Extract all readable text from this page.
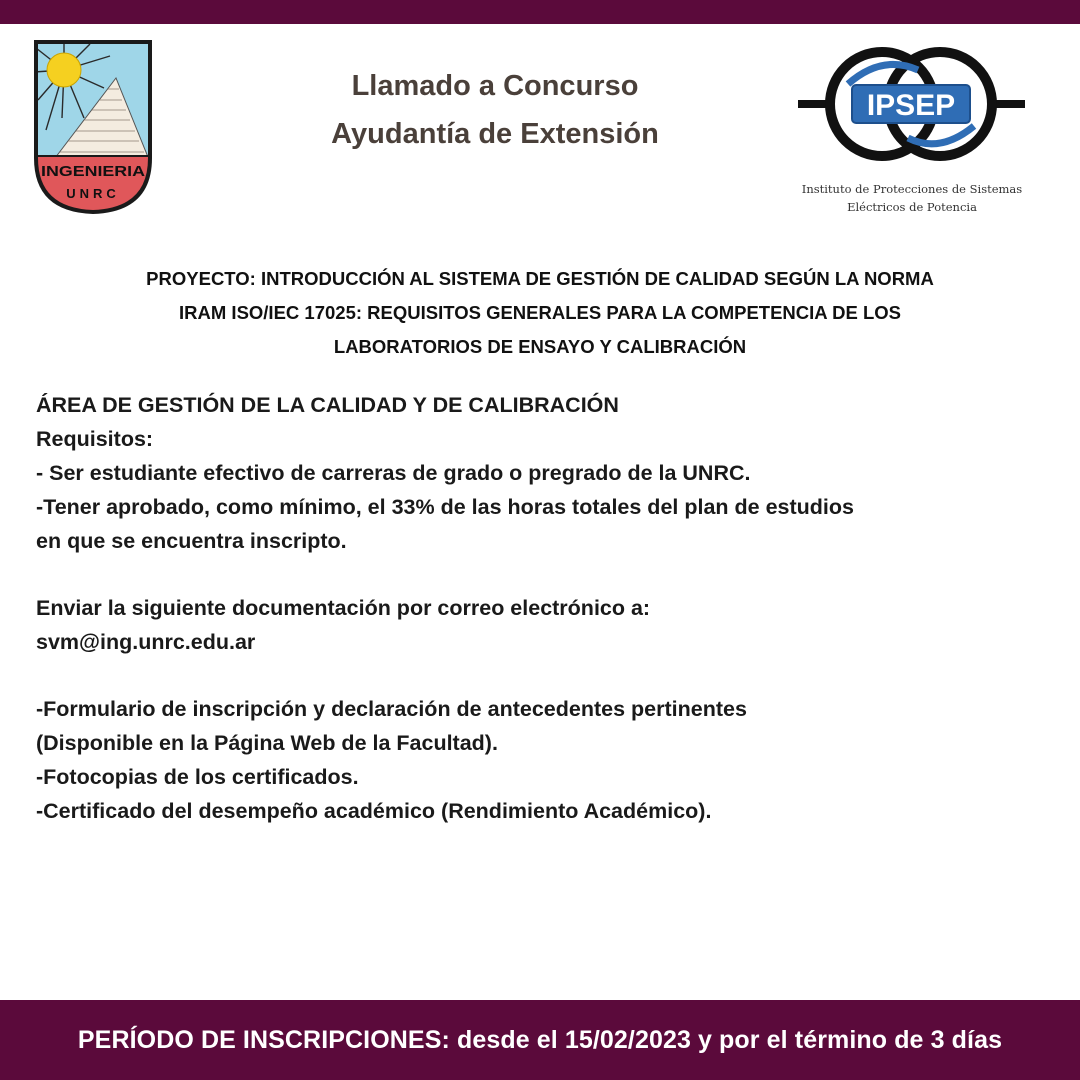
INGENIERIA
UNRC
Llamado a Concurso
Ayudantía de Extensión
IPSEP
Instituto de Protecciones de Sistemas
Eléctricos de Potencia
PROYECTO: INTRODUCCIÓN AL SISTEMA DE GESTIÓN DE CALIDAD SEGÚN LA NORMA
IRAM ISO/IEC 17025: REQUISITOS GENERALES PARA LA COMPETENCIA DE LOS
LABORATORIOS DE ENSAYO Y CALIBRACIÓN
ÁREA DE GESTIÓN DE LA CALIDAD Y DE CALIBRACIÓN
Requisitos:
- Ser estudiante efectivo de carreras de grado o pregrado de la UNRC.
-Tener aprobado, como mínimo, el 33% de las horas totales del plan de estudios
en que se encuentra inscripto.
Enviar la siguiente documentación por correo electrónico a:
svm@ing.unrc.edu.ar
-Formulario de inscripción y declaración de antecedentes pertinentes
(Disponible en la Página Web de la Facultad).
-Fotocopias de los certificados.
-Certificado del desempeño académico (Rendimiento Académico).
PERÍODO DE INSCRIPCIONES: desde el 15/02/2023 y por el término de 3 días
